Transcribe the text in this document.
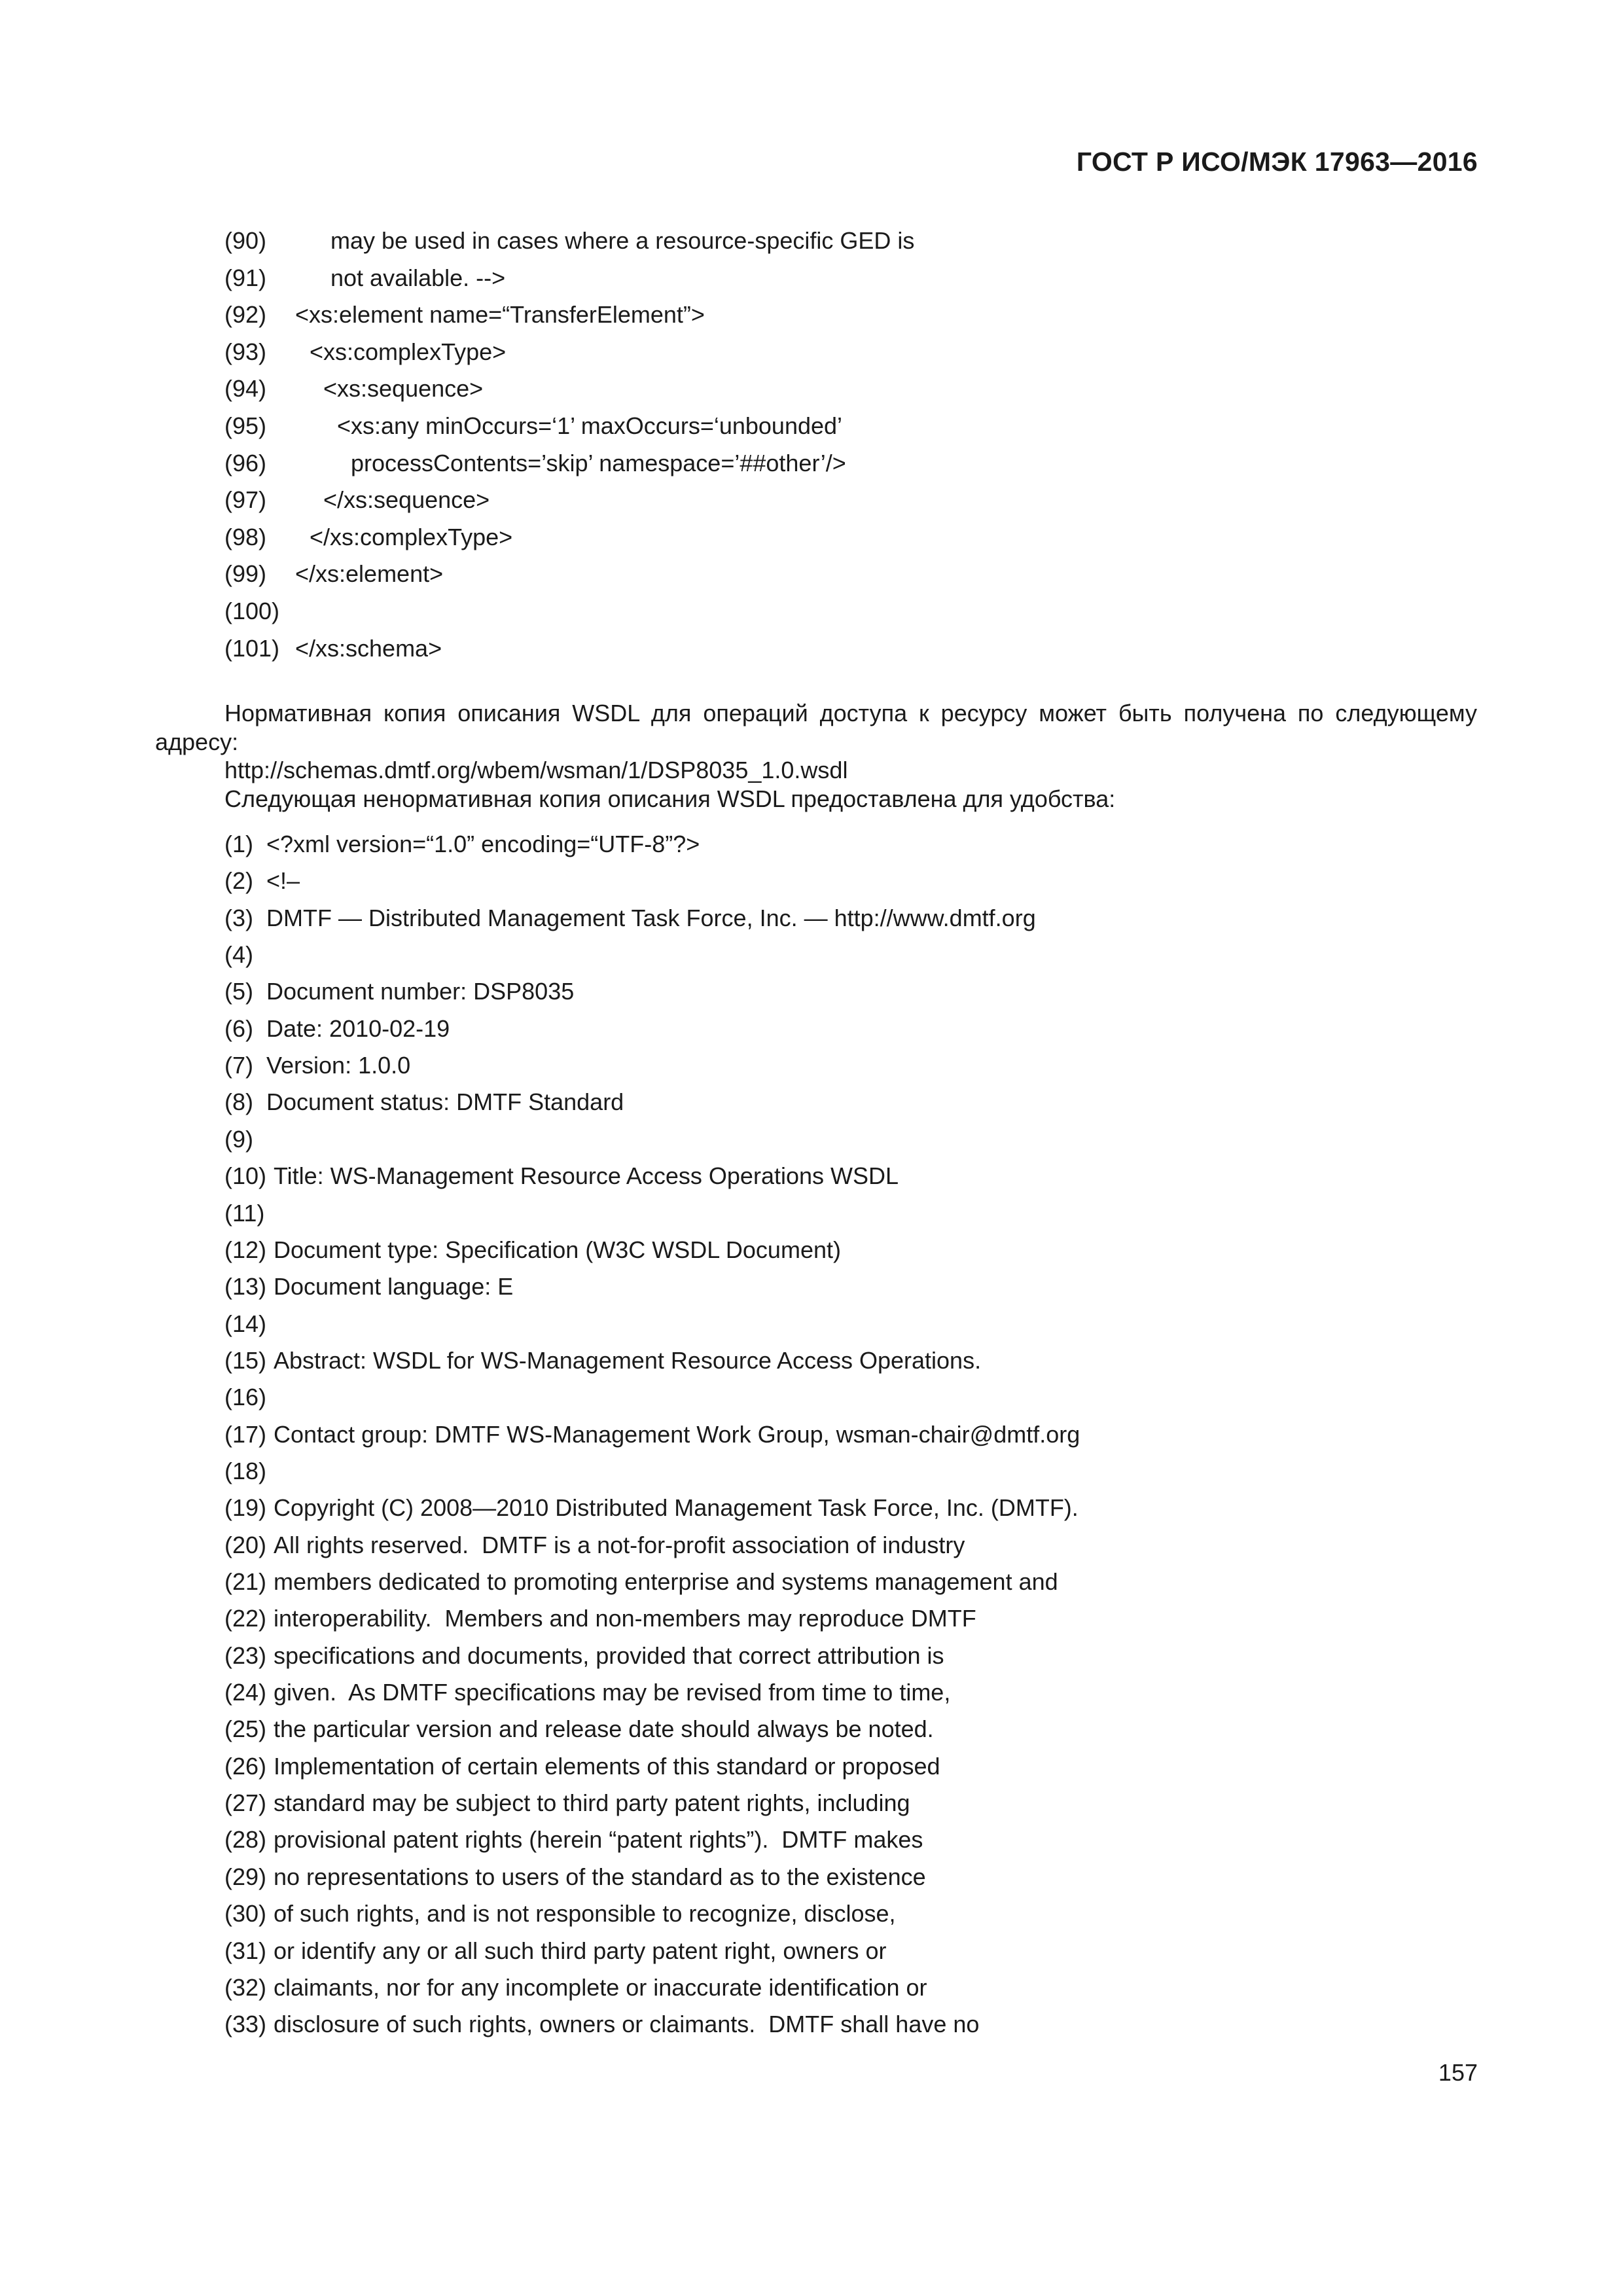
ГОСТ Р ИСО/МЭК 17963—2016
(90)	may be used in cases where a resource-specific GED is
(91)	not available. -->
(92) <xs:element name=“TransferElement”>
(93) <xs:complexType>
(94) <xs:sequence>
(95)	<xs:any minOccurs=‘1’ maxOccurs=‘unbounded’
(96)	processContents=’skip’ namespace=’##other’/>
(97) </xs:sequence>
(98) </xs:complexType>
(99) </xs:element>
(100)
(101) </xs:schema>
Нормативная копия описания WSDL для операций доступа к ресурсу может быть получена по следующему адресу:
http://schemas.dmtf.org/wbem/wsman/1/DSP8035_1.0.wsdl
Следующая ненормативная копия описания WSDL предоставлена для удобства:
(1) <?xml version=“1.0” encoding=“UTF-8”?>
(2) <!–
(3) DMTF — Distributed Management Task Force, Inc. — http://www.dmtf.org
(4)
(5) Document number: DSP8035
(6) Date: 2010-02-19
(7) Version: 1.0.0
(8) Document status: DMTF Standard
(9)
(10) Title: WS-Management Resource Access Operations WSDL
(11)
(12) Document type: Specification (W3C WSDL Document)
(13) Document language: E
(14)
(15) Abstract: WSDL for WS-Management Resource Access Operations.
(16)
(17) Contact group: DMTF WS-Management Work Group, wsman-chair@dmtf.org
(18)
(19) Copyright (C) 2008—2010 Distributed Management Task Force, Inc. (DMTF).
(20) All rights reserved.  DMTF is a not-for-profit association of industry
(21) members dedicated to promoting enterprise and systems management and
(22) interoperability.  Members and non-members may reproduce DMTF
(23) specifications and documents, provided that correct attribution is
(24) given.  As DMTF specifications may be revised from time to time,
(25) the particular version and release date should always be noted.
(26) Implementation of certain elements of this standard or proposed
(27) standard may be subject to third party patent rights, including
(28) provisional patent rights (herein “patent rights”).  DMTF makes
(29) no representations to users of the standard as to the existence
(30) of such rights, and is not responsible to recognize, disclose,
(31) or identify any or all such third party patent right, owners or
(32) claimants, nor for any incomplete or inaccurate identification or
(33) disclosure of such rights, owners or claimants.  DMTF shall have no
157
